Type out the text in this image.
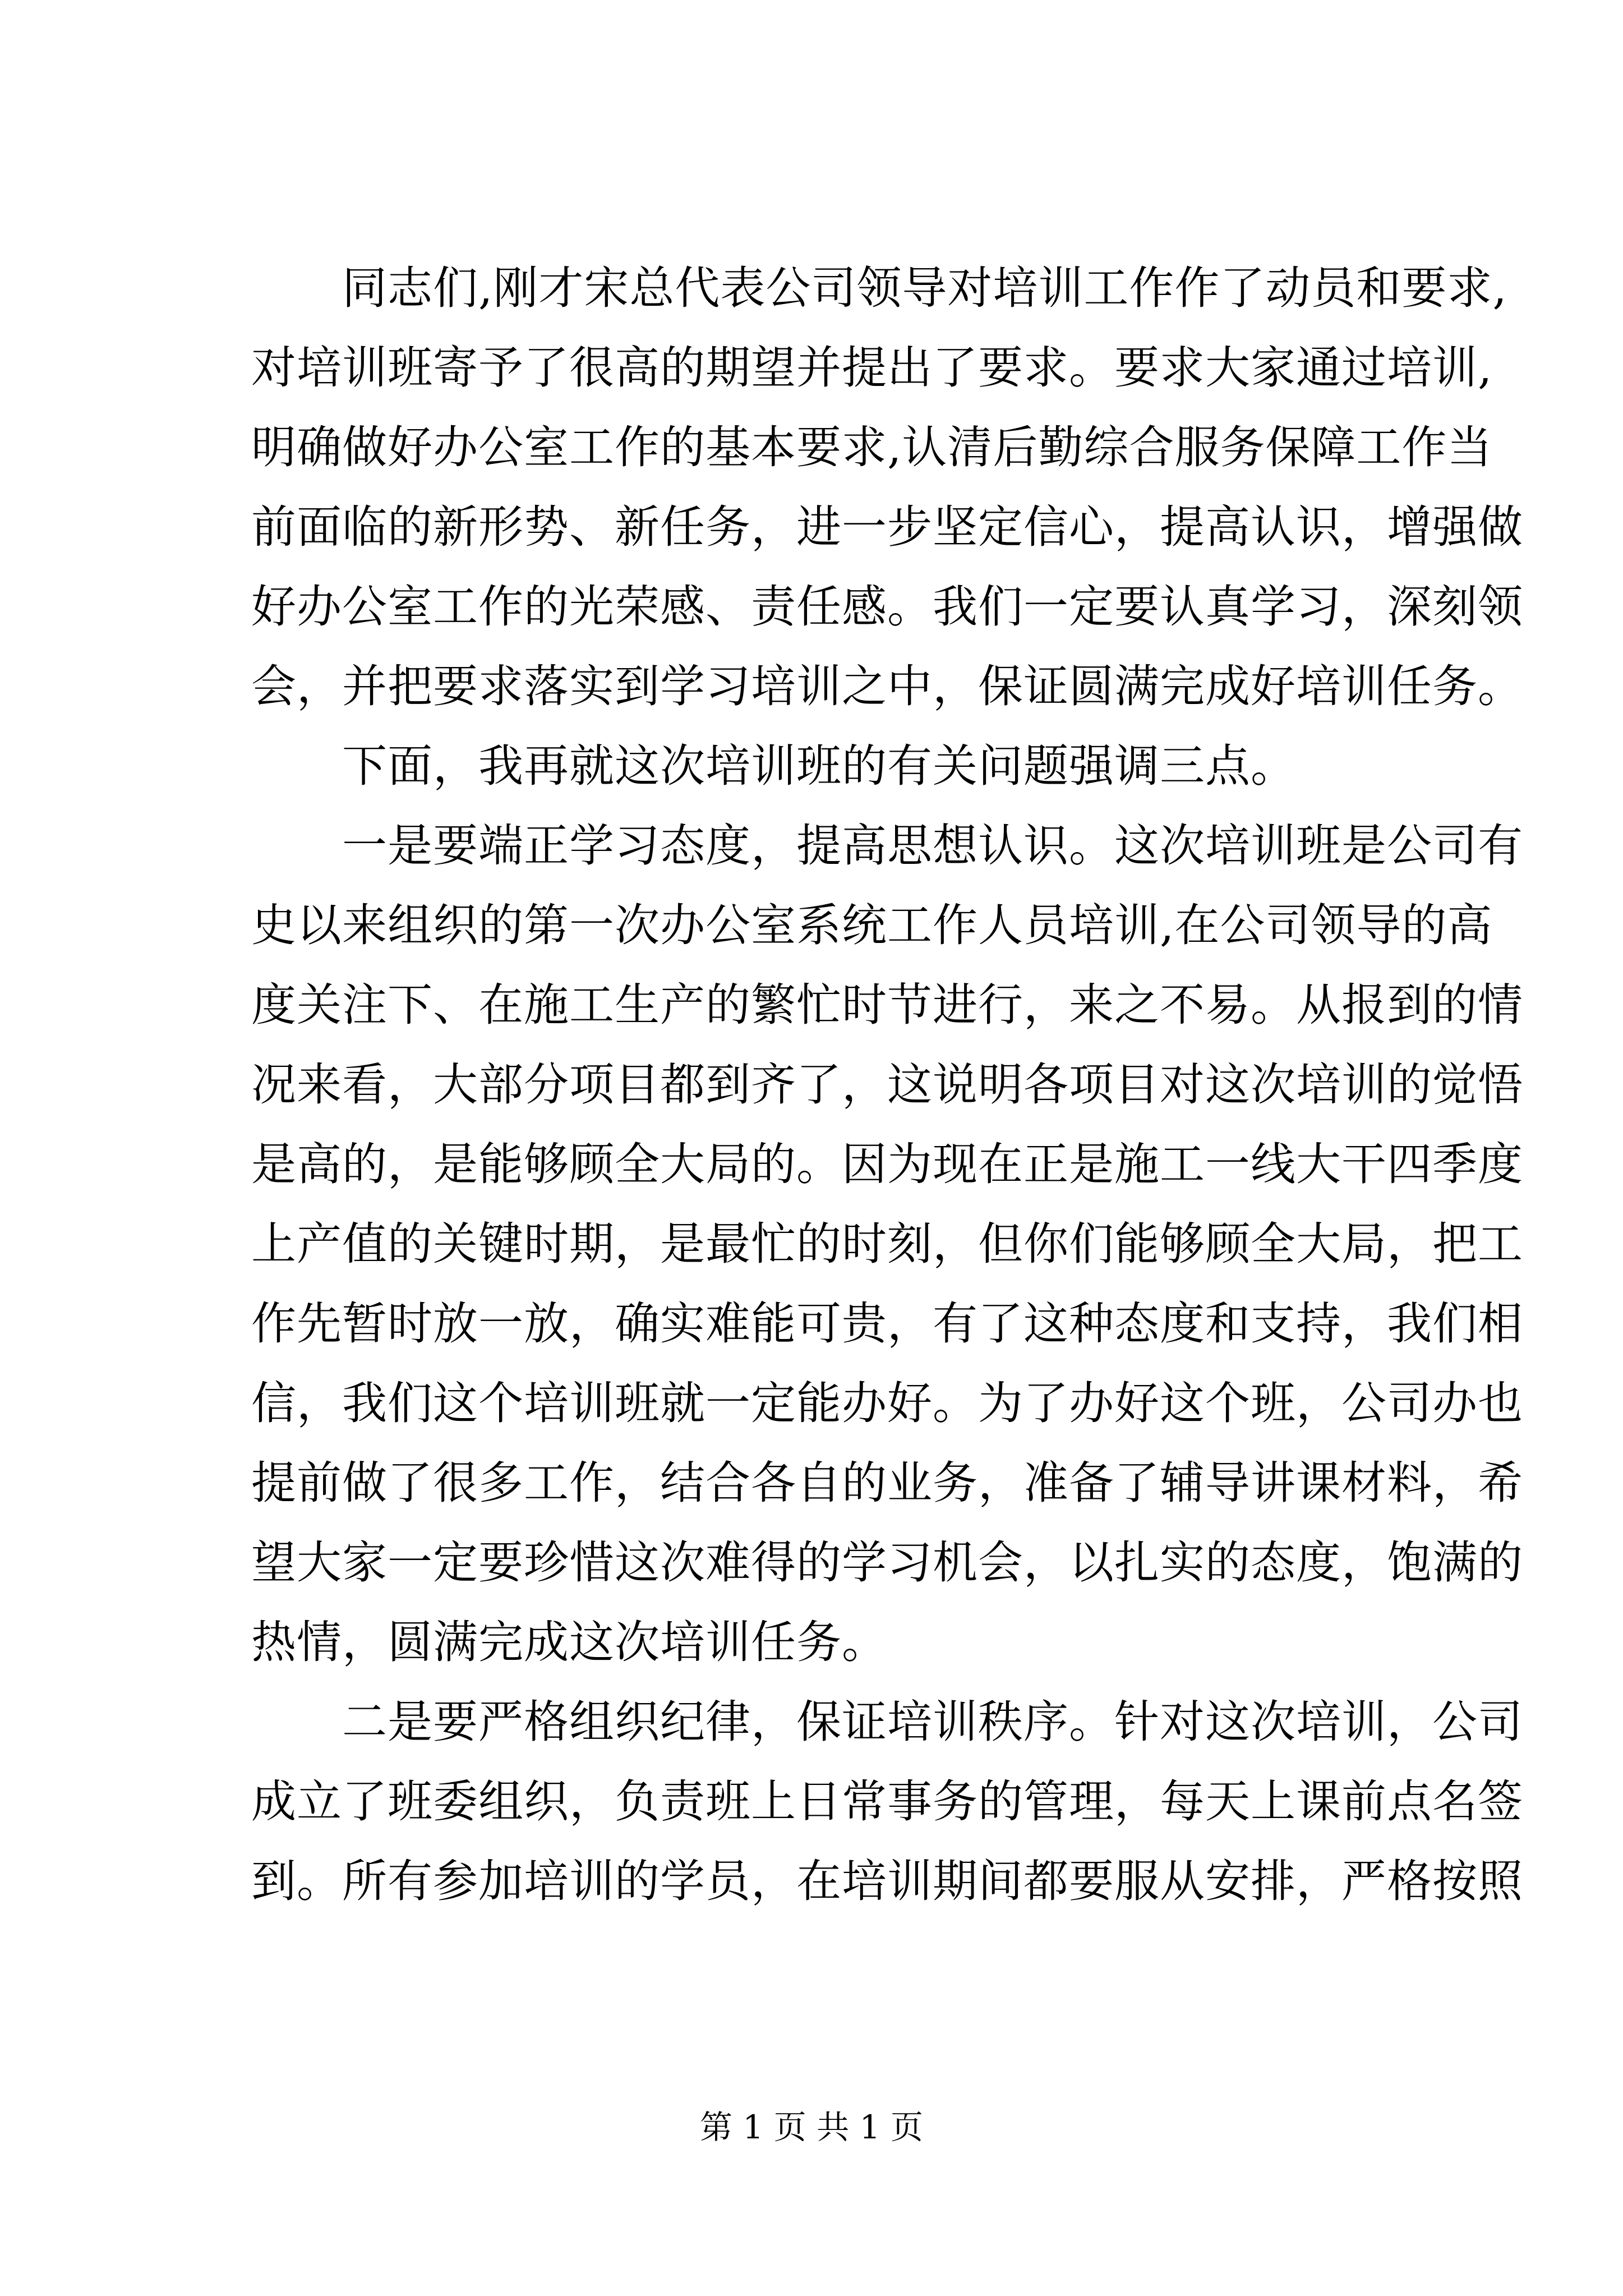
　　同志们,刚才宋总代表公司领导对培训工作作了动员和要求,
对培训班寄予了很高的期望并提出了要求。要求大家通过培训,
明确做好办公室工作的基本要求,认清后勤综合服务保障工作当
前面临的新形势、新任务，进一步坚定信心，提高认识，增强做
好办公室工作的光荣感、责任感。我们一定要认真学习，深刻领
会，并把要求落实到学习培训之中，保证圆满完成好培训任务。
　　下面，我再就这次培训班的有关问题强调三点。
　　一是要端正学习态度，提高思想认识。这次培训班是公司有
史以来组织的第一次办公室系统工作人员培训,在公司领导的高
度关注下、在施工生产的繁忙时节进行，来之不易。从报到的情
况来看，大部分项目都到齐了，这说明各项目对这次培训的觉悟
是高的，是能够顾全大局的。因为现在正是施工一线大干四季度
上产值的关键时期，是最忙的时刻，但你们能够顾全大局，把工
作先暂时放一放，确实难能可贵，有了这种态度和支持，我们相
信，我们这个培训班就一定能办好。为了办好这个班，公司办也
提前做了很多工作，结合各自的业务，准备了辅导讲课材料，希
望大家一定要珍惜这次难得的学习机会，以扎实的态度，饱满的
热情，圆满完成这次培训任务。
　　二是要严格组织纪律，保证培训秩序。针对这次培训，公司
成立了班委组织，负责班上日常事务的管理，每天上课前点名签
到。所有参加培训的学员，在培训期间都要服从安排，严格按照
第 1 页 共 1 页
